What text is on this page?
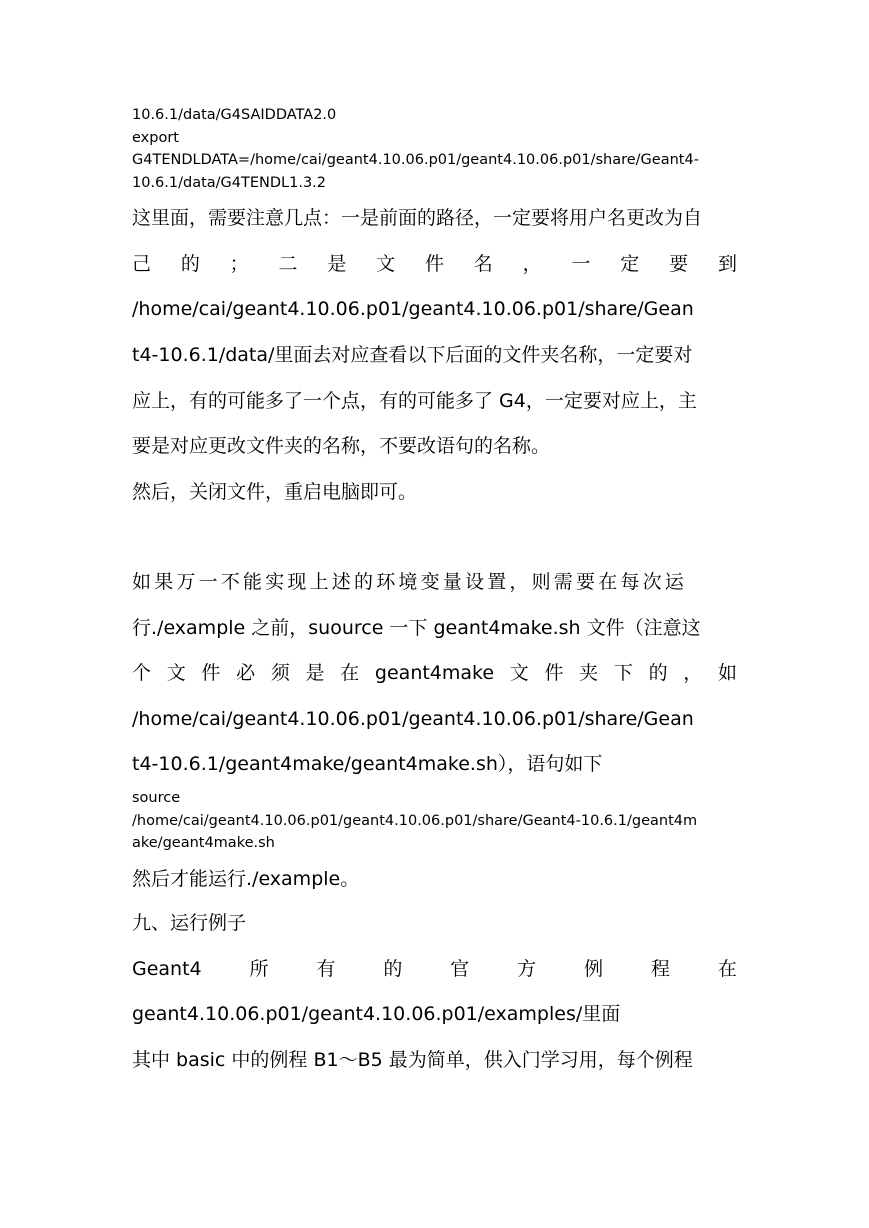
10.6.1/data/G4SAIDDATA2.0
export
G4TENDLDATA=/home/cai/geant4.10.06.p01/geant4.10.06.p01/share/Geant4-
10.6.1/data/G4TENDL1.3.2
这里面，需要注意几点：一是前面的路径，一定要将用户名更改为自
己 的 ； 二 是 文 件 名 ， 一 定 要 到
/home/cai/geant4.10.06.p01/geant4.10.06.p01/share/Gean
t4-10.6.1/data/里面去对应查看以下后面的文件夹名称，一定要对
应上，有的可能多了一个点，有的可能多了 G4，一定要对应上，主
要是对应更改文件夹的名称，不要改语句的名称。
然后，关闭文件，重启电脑即可。
如果万一不能实现上述的环境变量设置，则需要在每次运
行./example 之前，suource 一下 geant4make.sh 文件（注意这
个 文 件 必 须 是 在 geant4make 文 件 夹 下 的 ， 如
/home/cai/geant4.10.06.p01/geant4.10.06.p01/share/Gean
t4-10.6.1/geant4make/geant4make.sh），语句如下
source
/home/cai/geant4.10.06.p01/geant4.10.06.p01/share/Geant4-10.6.1/geant4m
ake/geant4make.sh
然后才能运行./example。
九、运行例子
Geant4	所	有	的	官	方	例	程	在
geant4.10.06.p01/geant4.10.06.p01/examples/里面
其中 basic 中的例程 B1～B5 最为简单，供入门学习用，每个例程
